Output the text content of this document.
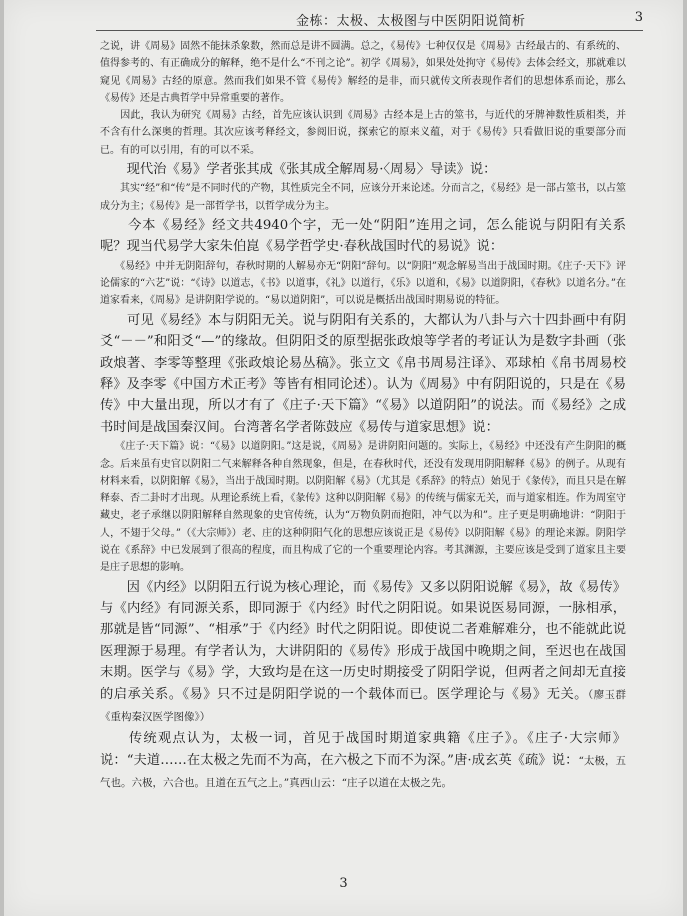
金栋：太极、太极图与中医阴阳说简析	3

之说，讲《周易》固然不能抹杀象数，然而总是讲不圆满。总之，《易传》七种仅仅是《周易》古经最古的、有系统的、值得参考的、有正确成分的解释，绝不是什么“不刊之论”。初学《周易》，如果处处拘守《易传》去体会经文，那就难以窥见《周易》古经的原意。然而我们如果不管《易传》解经的是非，而只就传文所表现作者们的思想体系而论，那么《易传》还是古典哲学中异常重要的著作。

　　因此，我认为研究《周易》古经，首先应该认识到《周易》古经本是上古的筮书，与近代的牙牌神数性质相类，并不含有什么深奥的哲理。其次应该考释经文，参阅旧说，探索它的原来义蕴，对于《易传》只看做旧说的重要部分而已。有的可以引用，有的可以不采。

　　现代治《易》学者张其成《张其成全解周易·〈周易〉导读》说：

　　其实“经”和“传”是不同时代的产物，其性质完全不同，应该分开来论述。分而言之，《易经》是一部占筮书，以占筮成分为主；《易传》是一部哲学书，以哲学成分为主。

　　今本《易经》经文共4940个字，无一处“阴阳”连用之词，怎么能说与阴阳有关系呢？现当代易学大家朱伯崑《易学哲学史·春秋战国时代的易说》说：

　　《易经》中并无阴阳辞句，春秋时期的人解易亦无“阴阳”辞句。以“阴阳”观念解易当出于战国时期。《庄子·天下》评论儒家的“六艺”说：“《诗》以道志，《书》以道事，《礼》以道行，《乐》以道和，《易》以道阴阳，《春秋》以道名分。”在道家看来，《周易》是讲阴阳学说的。“易以道阴阳”，可以说是概括出战国时期易说的特征。

　　可见《易经》本与阴阳无关。说与阴阳有关系的，大都认为八卦与六十四卦画中有阴爻“－－”和阳爻“—”的缘故。但阴阳爻的原型据张政烺等学者的考证认为是数字卦画（张政烺著、李零等整理《张政烺论易丛稿》。张立文《帛书周易注译》、邓球柏《帛书周易校释》及李零《中国方术正考》等皆有相同论述）。认为《周易》中有阴阳说的，只是在《易传》中大量出现，所以才有了《庄子·天下篇》“《易》以道阴阳”的说法。而《易经》之成书时间是战国秦汉间。台湾著名学者陈鼓应《易传与道家思想》说：

　　《庄子·天下篇》说：“《易》以道阴阳。”这是说，《周易》是讲阴阳问题的。实际上，《易经》中还没有产生阴阳的概念。后来虽有史官以阴阳二气来解释各种自然现象，但是，在春秋时代，还没有发现用阴阳解释《易》的例子。从现有材料来看，以阴阳解《易》，当出于战国时期。以阴阳解《易》（尤其是《系辞》的特点）始见于《彖传》，而且只是在解释泰、否二卦时才出现。从理论系统上看，《彖传》这种以阴阳解《易》的传统与儒家无关，而与道家相连。作为周室守藏史，老子承继以阴阳解释自然现象的史官传统，认为“万物负阴而抱阳，冲气以为和”。庄子更是明确地讲：“阴阳于人，不翅于父母。”（《大宗师》）老、庄的这种阴阳气化的思想应该说正是《易传》以阴阳解《易》的理论来源。阴阳学说在《系辞》中已发展到了很高的程度，而且构成了它的一个重要理论内容。考其渊源，主要应该是受到了道家且主要是庄子思想的影响。

　　因《内经》以阴阳五行说为核心理论，而《易传》又多以阴阳说解《易》，故《易传》与《内经》有同源关系，即同源于《内经》时代之阴阳说。如果说医易同源，一脉相承，那就是皆“同源”、“相承”于《内经》时代之阴阳说。即使说二者难解难分，也不能就此说医理源于易理。有学者认为，大讲阴阳的《易传》形成于战国中晚期之间，至迟也在战国末期。医学与《易》学，大致均是在这一历史时期接受了阴阳学说，但两者之间却无直接的启承关系。《易》只不过是阴阳学说的一个载体而已。医学理论与《易》无关。（廖玉群《重构秦汉医学图像》）

　　传统观点认为，太极一词，首见于战国时期道家典籍《庄子》。《庄子·大宗师》说：“夫道……在太极之先而不为高，在六极之下而不为深。”唐·成玄英《疏》说：“太极，五气也。六极，六合也。且道在五气之上。”真西山云：“庄子以道在太极之先。

3
